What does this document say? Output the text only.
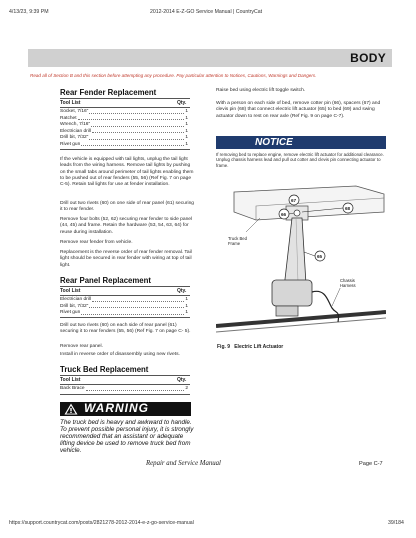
4/13/23, 9:39 PM	2012-2014 E-Z-GO Service Manual | CountryCat
BODY
Read all of Section B and this section before attempting any procedure. Pay particular attention to Notices, Cautions, Warnings and Dangers.
Rear Fender Replacement
Tool List	Qty.
Socket, 7/16"	1
Ratchet	1
Wrench, 7/16"	1
Electrician drill	1
Drill bit, 7/32"	1
Rivet gun	1

If the vehicle is equipped with tail lights, unplug the tail light leads from the wiring harness. Remove tail lights by pushing on the small tabs around perimeter of tail lights enabling them to be pushed out of rear fenders (55, 56) (Ref Fig. 7 on page C-5). Retain tail lights for use at fender installation.

Drill out two rivets (60) on one side of rear panel (61) securing it to rear fender.

Remove four bolts (52, 62) securing rear fender to side panel (44, 45) and frame. Retain the hardware (53, 54, 63, 64) for reuse during installation.

Remove rear fender from vehicle.

Replacement is the reverse order of rear fender removal. Tail light should be secured in rear fender with wiring at top of tail light.

Rear Panel Replacement
Tool List	Qty.
Electrician drill	1
Drill bit, 7/32"	1
Rivet gun	1

Drill out two rivets (60) on each side of rear panel (61) securing it to rear fenders (55, 56) (Ref Fig. 7 on page C- 5).

Remove rear panel.

Install in reverse order of disassembly using new rivets.

Truck Bed Replacement
Tool List	Qty.
Back Brace	2
WARNING
The truck bed is heavy and awkward to handle. To prevent possible personal injury, it is strongly recommended that an assistant or adequate lifting device be used to remove truck bed from vehicle.

Raise bed using electric lift toggle switch.

With a person on each side of bed, remove cotter pin (66), spacers (67) and clevis pin (68) that connect electric lift actuator (65) to bed (69) and swing actuator down to rest on rear axle (Ref Fig. 9 on page C-7).

NOTICE

If removing bed to replace engine, remove electric lift actuator for additional clearance. Unplug chassis harness lead and pull out cotter and clevis pin connecting actuator to frame.

66
67
68
65
Truck Bed Frame
Chassis Harness
Fig. 9   Electric Lift Actuator
Repair and Service Manual	Page C-7
https://support.countrycat.com/posts/2821278-2012-2014-e-z-go-service-manual	39/184
